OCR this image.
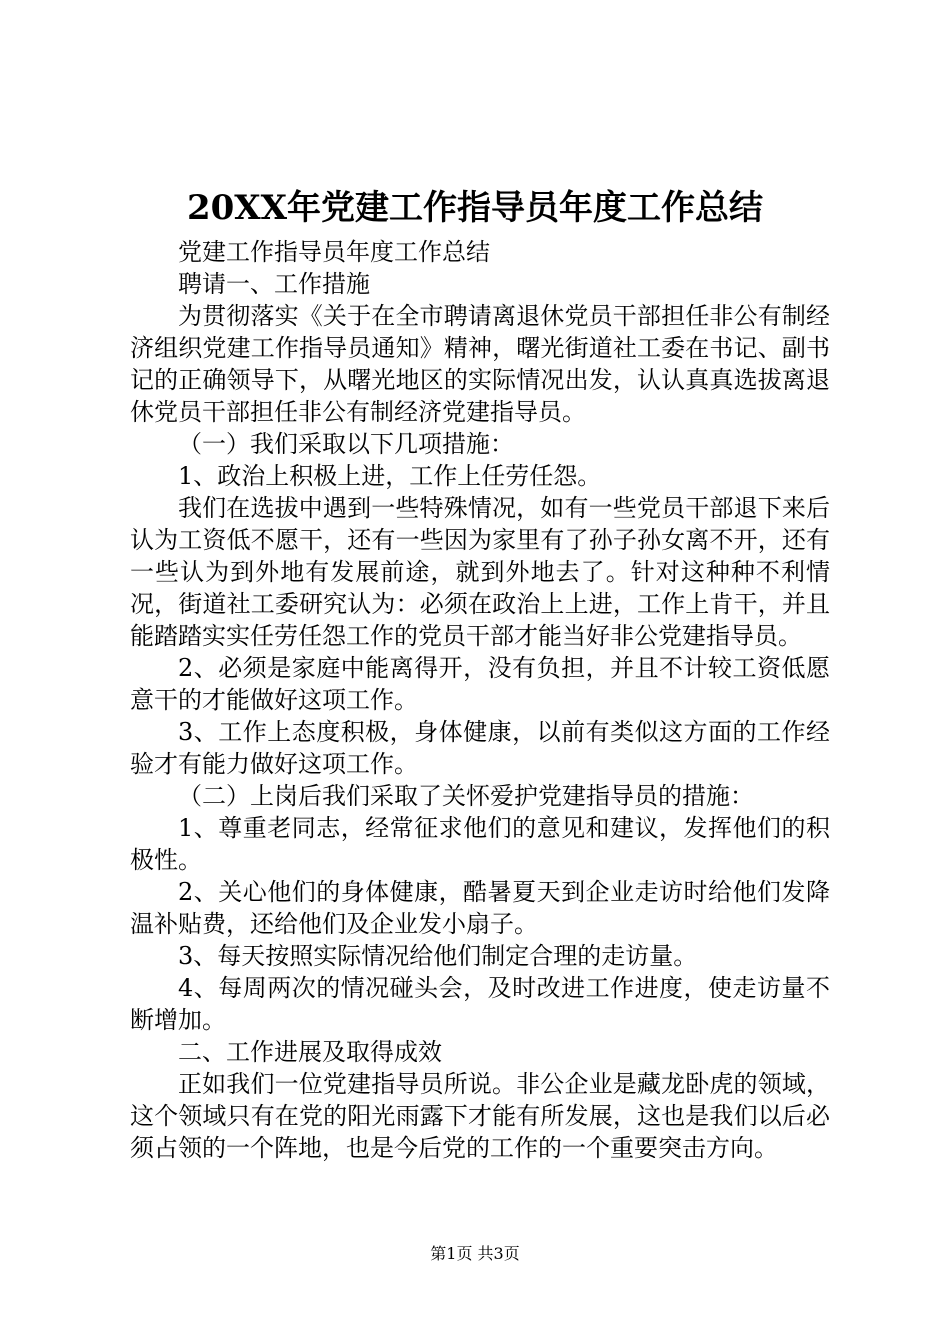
20XX年党建工作指导员年度工作总结

党建工作指导员年度工作总结

聘请一、工作措施

为贯彻落实《关于在全市聘请离退休党员干部担任非公有制经济组织党建工作指导员通知》精神，曙光街道社工委在书记、副书记的正确领导下，从曙光地区的实际情况出发，认认真真选拔离退休党员干部担任非公有制经济党建指导员。

（一）我们采取以下几项措施：

1、政治上积极上进，工作上任劳任怨。

我们在选拔中遇到一些特殊情况，如有一些党员干部退下来后认为工资低不愿干，还有一些因为家里有了孙子孙女离不开，还有一些认为到外地有发展前途，就到外地去了。针对这种种不利情况，街道社工委研究认为：必须在政治上上进，工作上肯干，并且能踏踏实实任劳任怨工作的党员干部才能当好非公党建指导员。

2、必须是家庭中能离得开，没有负担，并且不计较工资低愿意干的才能做好这项工作。

3、工作上态度积极，身体健康，以前有类似这方面的工作经验才有能力做好这项工作。

（二）上岗后我们采取了关怀爱护党建指导员的措施：

1、尊重老同志，经常征求他们的意见和建议，发挥他们的积极性。

2、关心他们的身体健康，酷暑夏天到企业走访时给他们发降温补贴费，还给他们及企业发小扇子。

3、每天按照实际情况给他们制定合理的走访量。

4、每周两次的情况碰头会，及时改进工作进度，使走访量不断增加。

二、工作进展及取得成效

正如我们一位党建指导员所说。非公企业是藏龙卧虎的领域，这个领域只有在党的阳光雨露下才能有所发展，这也是我们以后必须占领的一个阵地，也是今后党的工作的一个重要突击方向。

第1页 共3页
